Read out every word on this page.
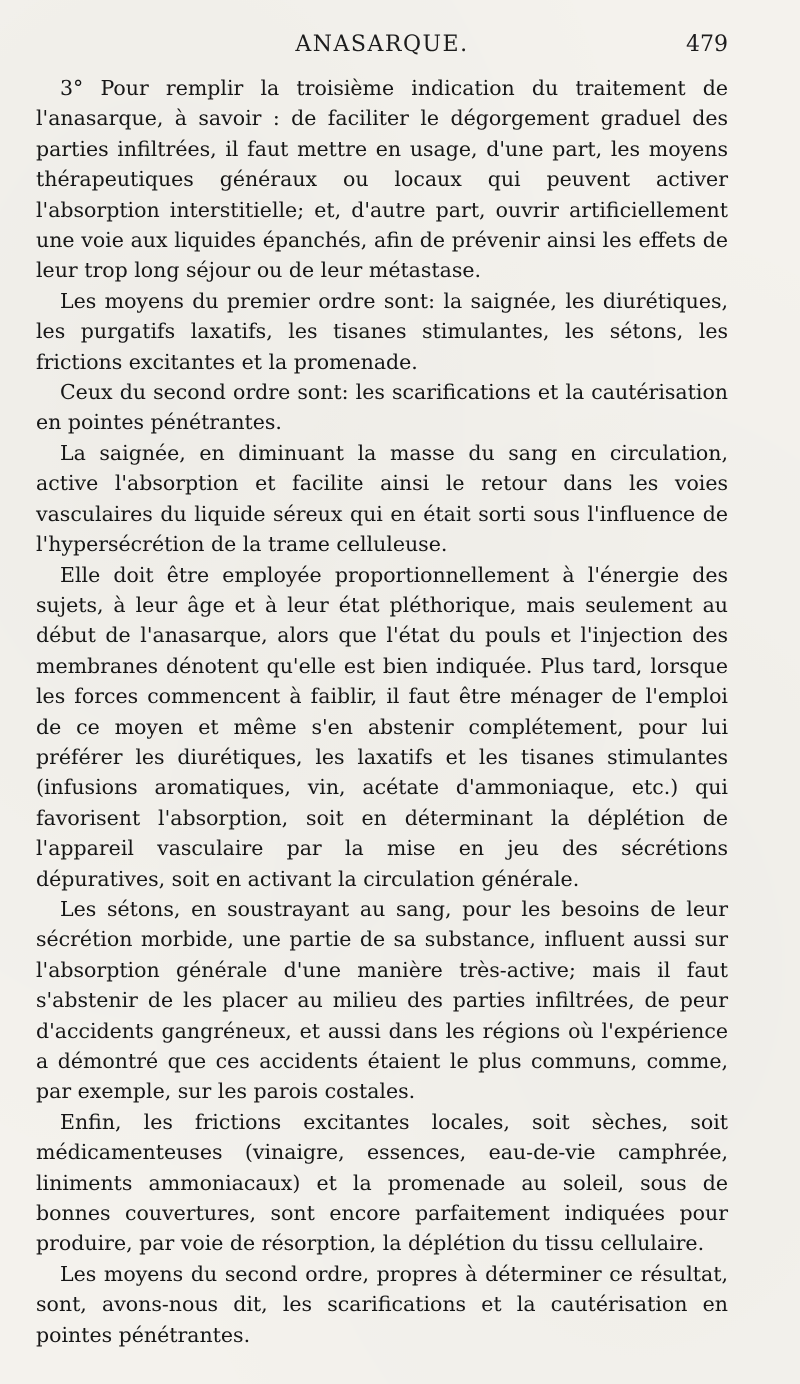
ANASARQUE.	479

3° Pour remplir la troisième indication du traitement de l'anasarque, à savoir : de faciliter le dégorgement graduel des parties infiltrées, il faut mettre en usage, d'une part, les moyens thérapeutiques généraux ou locaux qui peuvent activer l'absorption interstitielle; et, d'autre part, ouvrir artificiellement une voie aux liquides épanchés, afin de prévenir ainsi les effets de leur trop long séjour ou de leur métastase.

Les moyens du premier ordre sont: la saignée, les diurétiques, les purgatifs laxatifs, les tisanes stimulantes, les sétons, les frictions excitantes et la promenade.

Ceux du second ordre sont: les scarifications et la cautérisation en pointes pénétrantes.

La saignée, en diminuant la masse du sang en circulation, active l'absorption et facilite ainsi le retour dans les voies vasculaires du liquide séreux qui en était sorti sous l'influence de l'hypersécrétion de la trame celluleuse.

Elle doit être employée proportionnellement à l'énergie des sujets, à leur âge et à leur état pléthorique, mais seulement au début de l'anasarque, alors que l'état du pouls et l'injection des membranes dénotent qu'elle est bien indiquée. Plus tard, lorsque les forces commencent à faiblir, il faut être ménager de l'emploi de ce moyen et même s'en abstenir complétement, pour lui préférer les diurétiques, les laxatifs et les tisanes stimulantes (infusions aromatiques, vin, acétate d'ammoniaque, etc.) qui favorisent l'absorption, soit en déterminant la déplétion de l'appareil vasculaire par la mise en jeu des sécrétions dépuratives, soit en activant la circulation générale.

Les sétons, en soustrayant au sang, pour les besoins de leur sécrétion morbide, une partie de sa substance, influent aussi sur l'absorption générale d'une manière très-active; mais il faut s'abstenir de les placer au milieu des parties infiltrées, de peur d'accidents gangréneux, et aussi dans les régions où l'expérience a démontré que ces accidents étaient le plus communs, comme, par exemple, sur les parois costales.

Enfin, les frictions excitantes locales, soit sèches, soit médicamenteuses (vinaigre, essences, eau-de-vie camphrée, liniments ammoniacaux) et la promenade au soleil, sous de bonnes couvertures, sont encore parfaitement indiquées pour produire, par voie de résorption, la déplétion du tissu cellulaire.

Les moyens du second ordre, propres à déterminer ce résultat, sont, avons-nous dit, les scarifications et la cautérisation en pointes pénétrantes.
